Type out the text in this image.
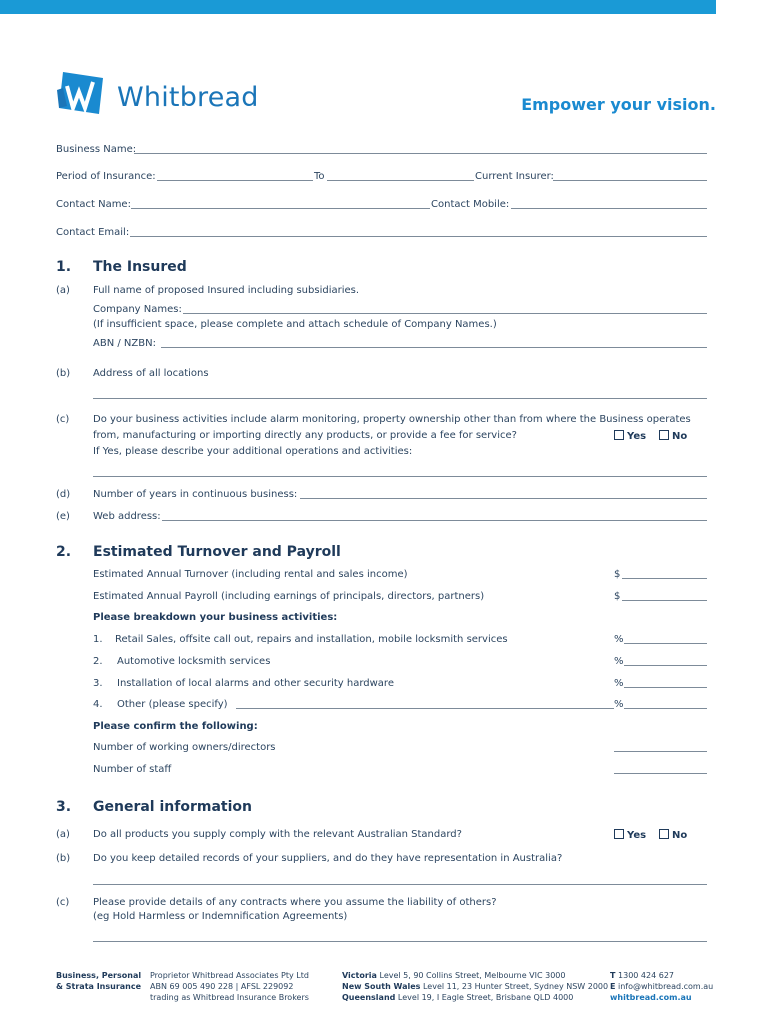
Whitbread	Empower your vision.
Business Name:
Period of Insurance:	To	Current Insurer:
Contact Name:	Contact Mobile:
Contact Email:
1. The Insured
(a) Full name of proposed Insured including subsidiaries.
Company Names:
(If insufficient space, please complete and attach schedule of Company Names.)
ABN / NZBN:
(b) Address of all locations
(c) Do your business activities include alarm monitoring, property ownership other than from where the Business operates
from, manufacturing or importing directly any products, or provide a fee for service?	Yes	No
If Yes, please describe your additional operations and activities:
(d) Number of years in continuous business:
(e) Web address:
2. Estimated Turnover and Payroll
Estimated Annual Turnover (including rental and sales income)	$
Estimated Annual Payroll (including earnings of principals, directors, partners)	$
Please breakdown your business activities:
1. Retail Sales, offsite call out, repairs and installation, mobile locksmith services	%
2. Automotive locksmith services	%
3. Installation of local alarms and other security hardware	%
4. Other (please specify)	%
Please confirm the following:
Number of working owners/directors
Number of staff
3. General information
(a) Do all products you supply comply with the relevant Australian Standard?	Yes	No
(b) Do you keep detailed records of your suppliers, and do they have representation in Australia?
(c) Please provide details of any contracts where you assume the liability of others?
(eg Hold Harmless or Indemnification Agreements)
Business, Personal
& Strata Insurance
Proprietor Whitbread Associates Pty Ltd
ABN 69 005 490 228 | AFSL 229092
trading as Whitbread Insurance Brokers
Victoria Level 5, 90 Collins Street, Melbourne VIC 3000
New South Wales Level 11, 23 Hunter Street, Sydney NSW 2000
Queensland Level 19, I Eagle Street, Brisbane QLD 4000
T 1300 424 627
E info@whitbread.com.au
whitbread.com.au
